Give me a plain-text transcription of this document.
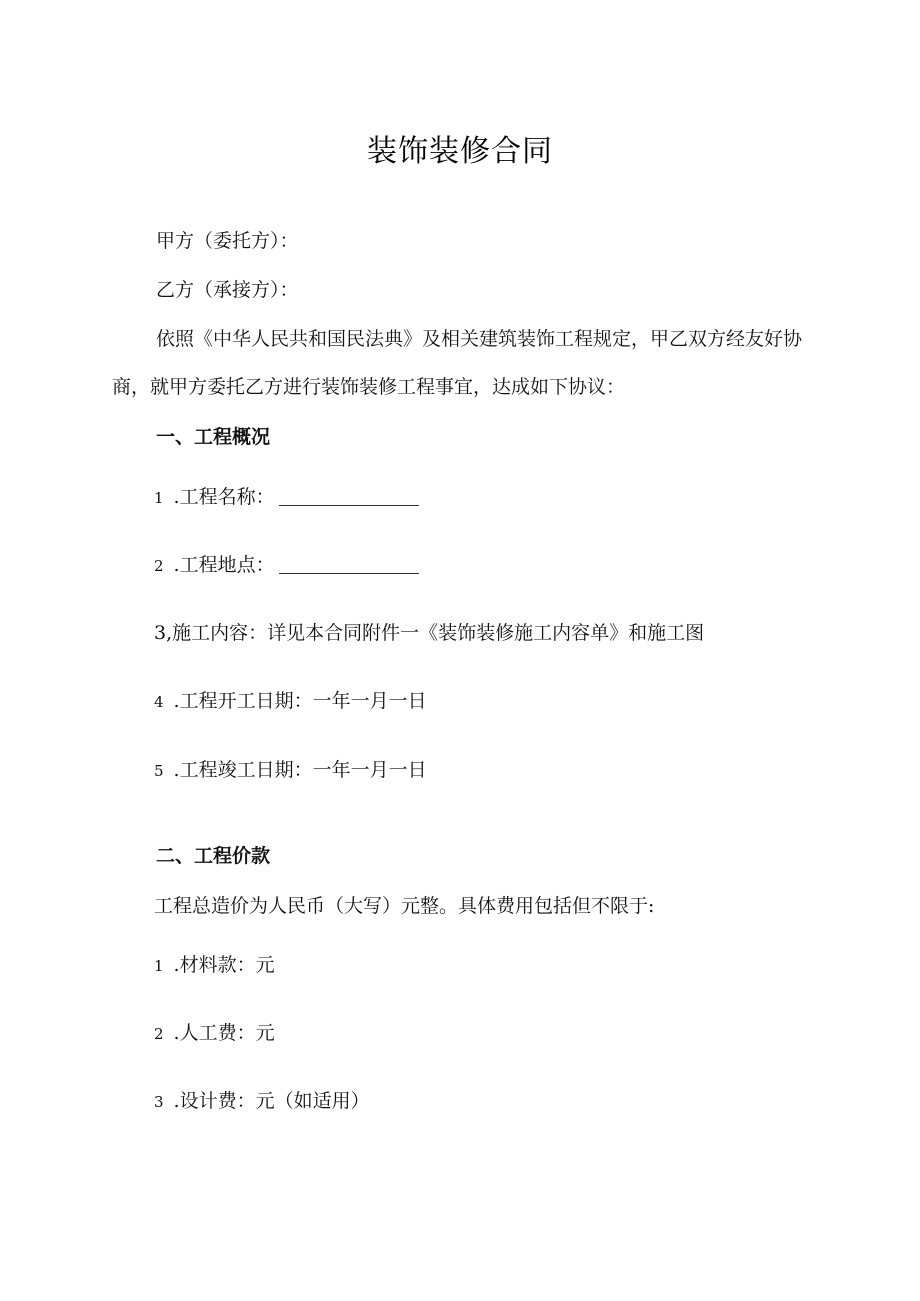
装饰装修合同
甲方（委托方）：
乙方（承接方）：
依照《中华人民共和国民法典》及相关建筑装饰工程规定，甲乙双方经友好协商，就甲方委托乙方进行装饰装修工程事宜，达成如下协议：
一、工程概况
1 .工程名称：
2 .工程地点：
3,施工内容：详见本合同附件一《装饰装修施工内容单》和施工图
4 .工程开工日期：一年一月一日
5 .工程竣工日期：一年一月一日
二、工程价款
工程总造价为人民币（大写）元整。具体费用包括但不限于:
1 .材料款：元
2 .人工费：元
3 .设计费：元（如适用）
